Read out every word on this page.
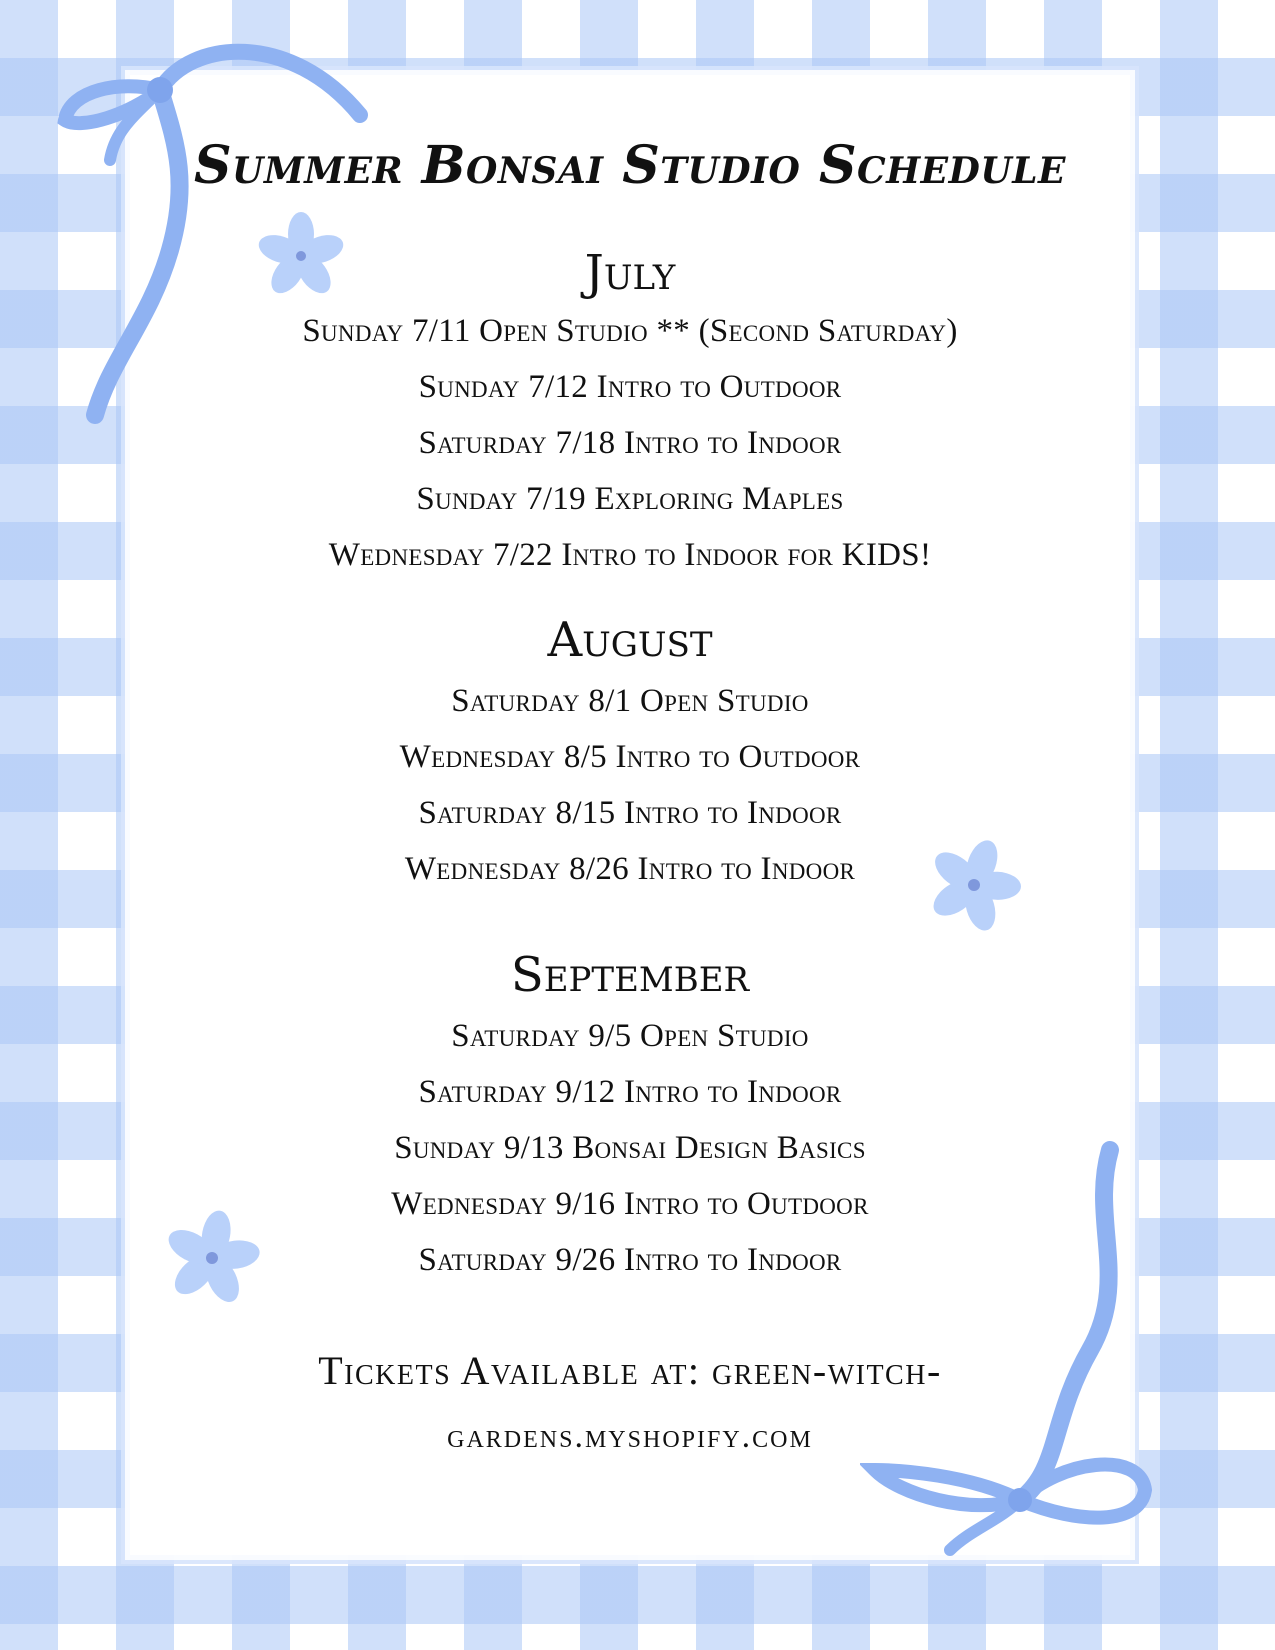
Summer Bonsai Studio Schedule
July
Sunday 7/11 Open Studio ** (Second Saturday)
Sunday 7/12 Intro to Outdoor
Saturday 7/18 Intro to Indoor
Sunday 7/19 Exploring Maples
Wednesday 7/22 Intro to Indoor for KIDS!
August
Saturday 8/1 Open Studio
Wednesday 8/5 Intro to Outdoor
Saturday 8/15 Intro to Indoor
Wednesday 8/26 Intro to Indoor
September
Saturday 9/5 Open Studio
Saturday 9/12 Intro to Indoor
Sunday 9/13 Bonsai Design Basics
Wednesday 9/16 Intro to Outdoor
Saturday 9/26 Intro to Indoor
Tickets Available at: green-witch-
gardens.myshopify.com
